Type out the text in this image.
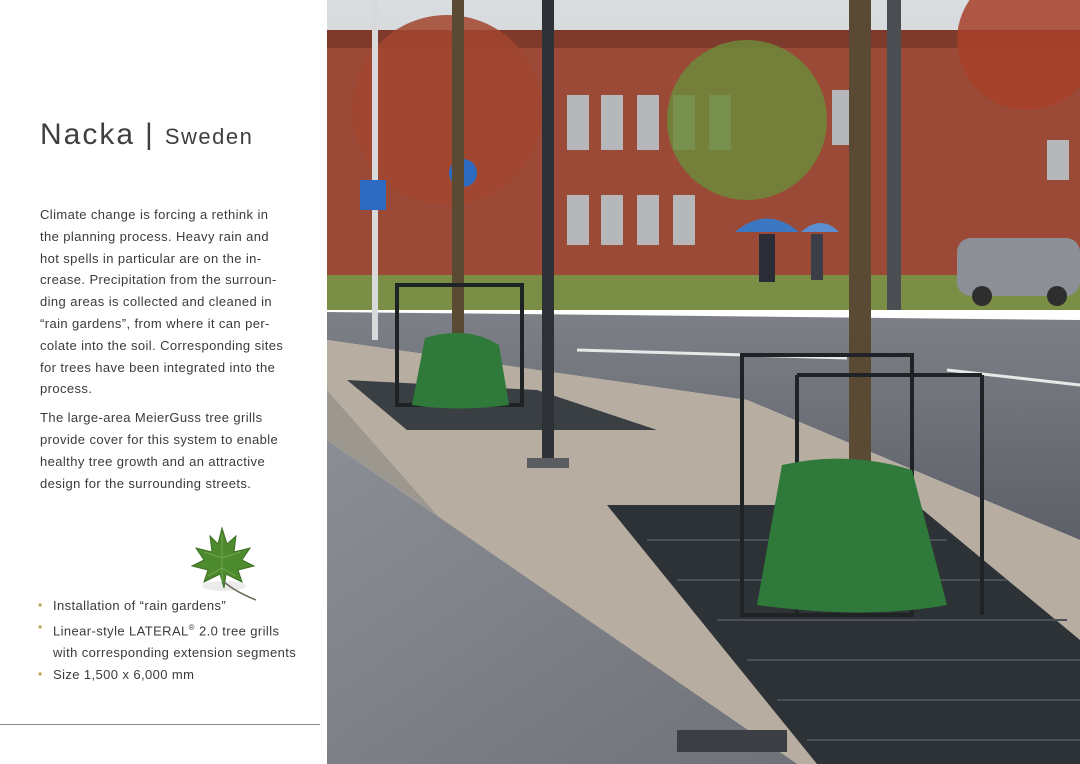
Nacka | Sweden

Climate change is forcing a rethink in the planning process. Heavy rain and hot spells in particular are on the in-crease. Precipitation from the surroun-ding areas is collected and cleaned in “rain gardens”, from where it can per-colate into the soil. Corresponding sites for trees have been integrated into the process.

The large-area MeierGuss tree grills provide cover for this system to enable healthy tree growth and an attractive design for the surrounding streets.

• Installation of “rain gardens”
• Linear-style LATERAL® 2.0 tree grills with corresponding extension segments
• Size 1,500 x 6,000 mm
